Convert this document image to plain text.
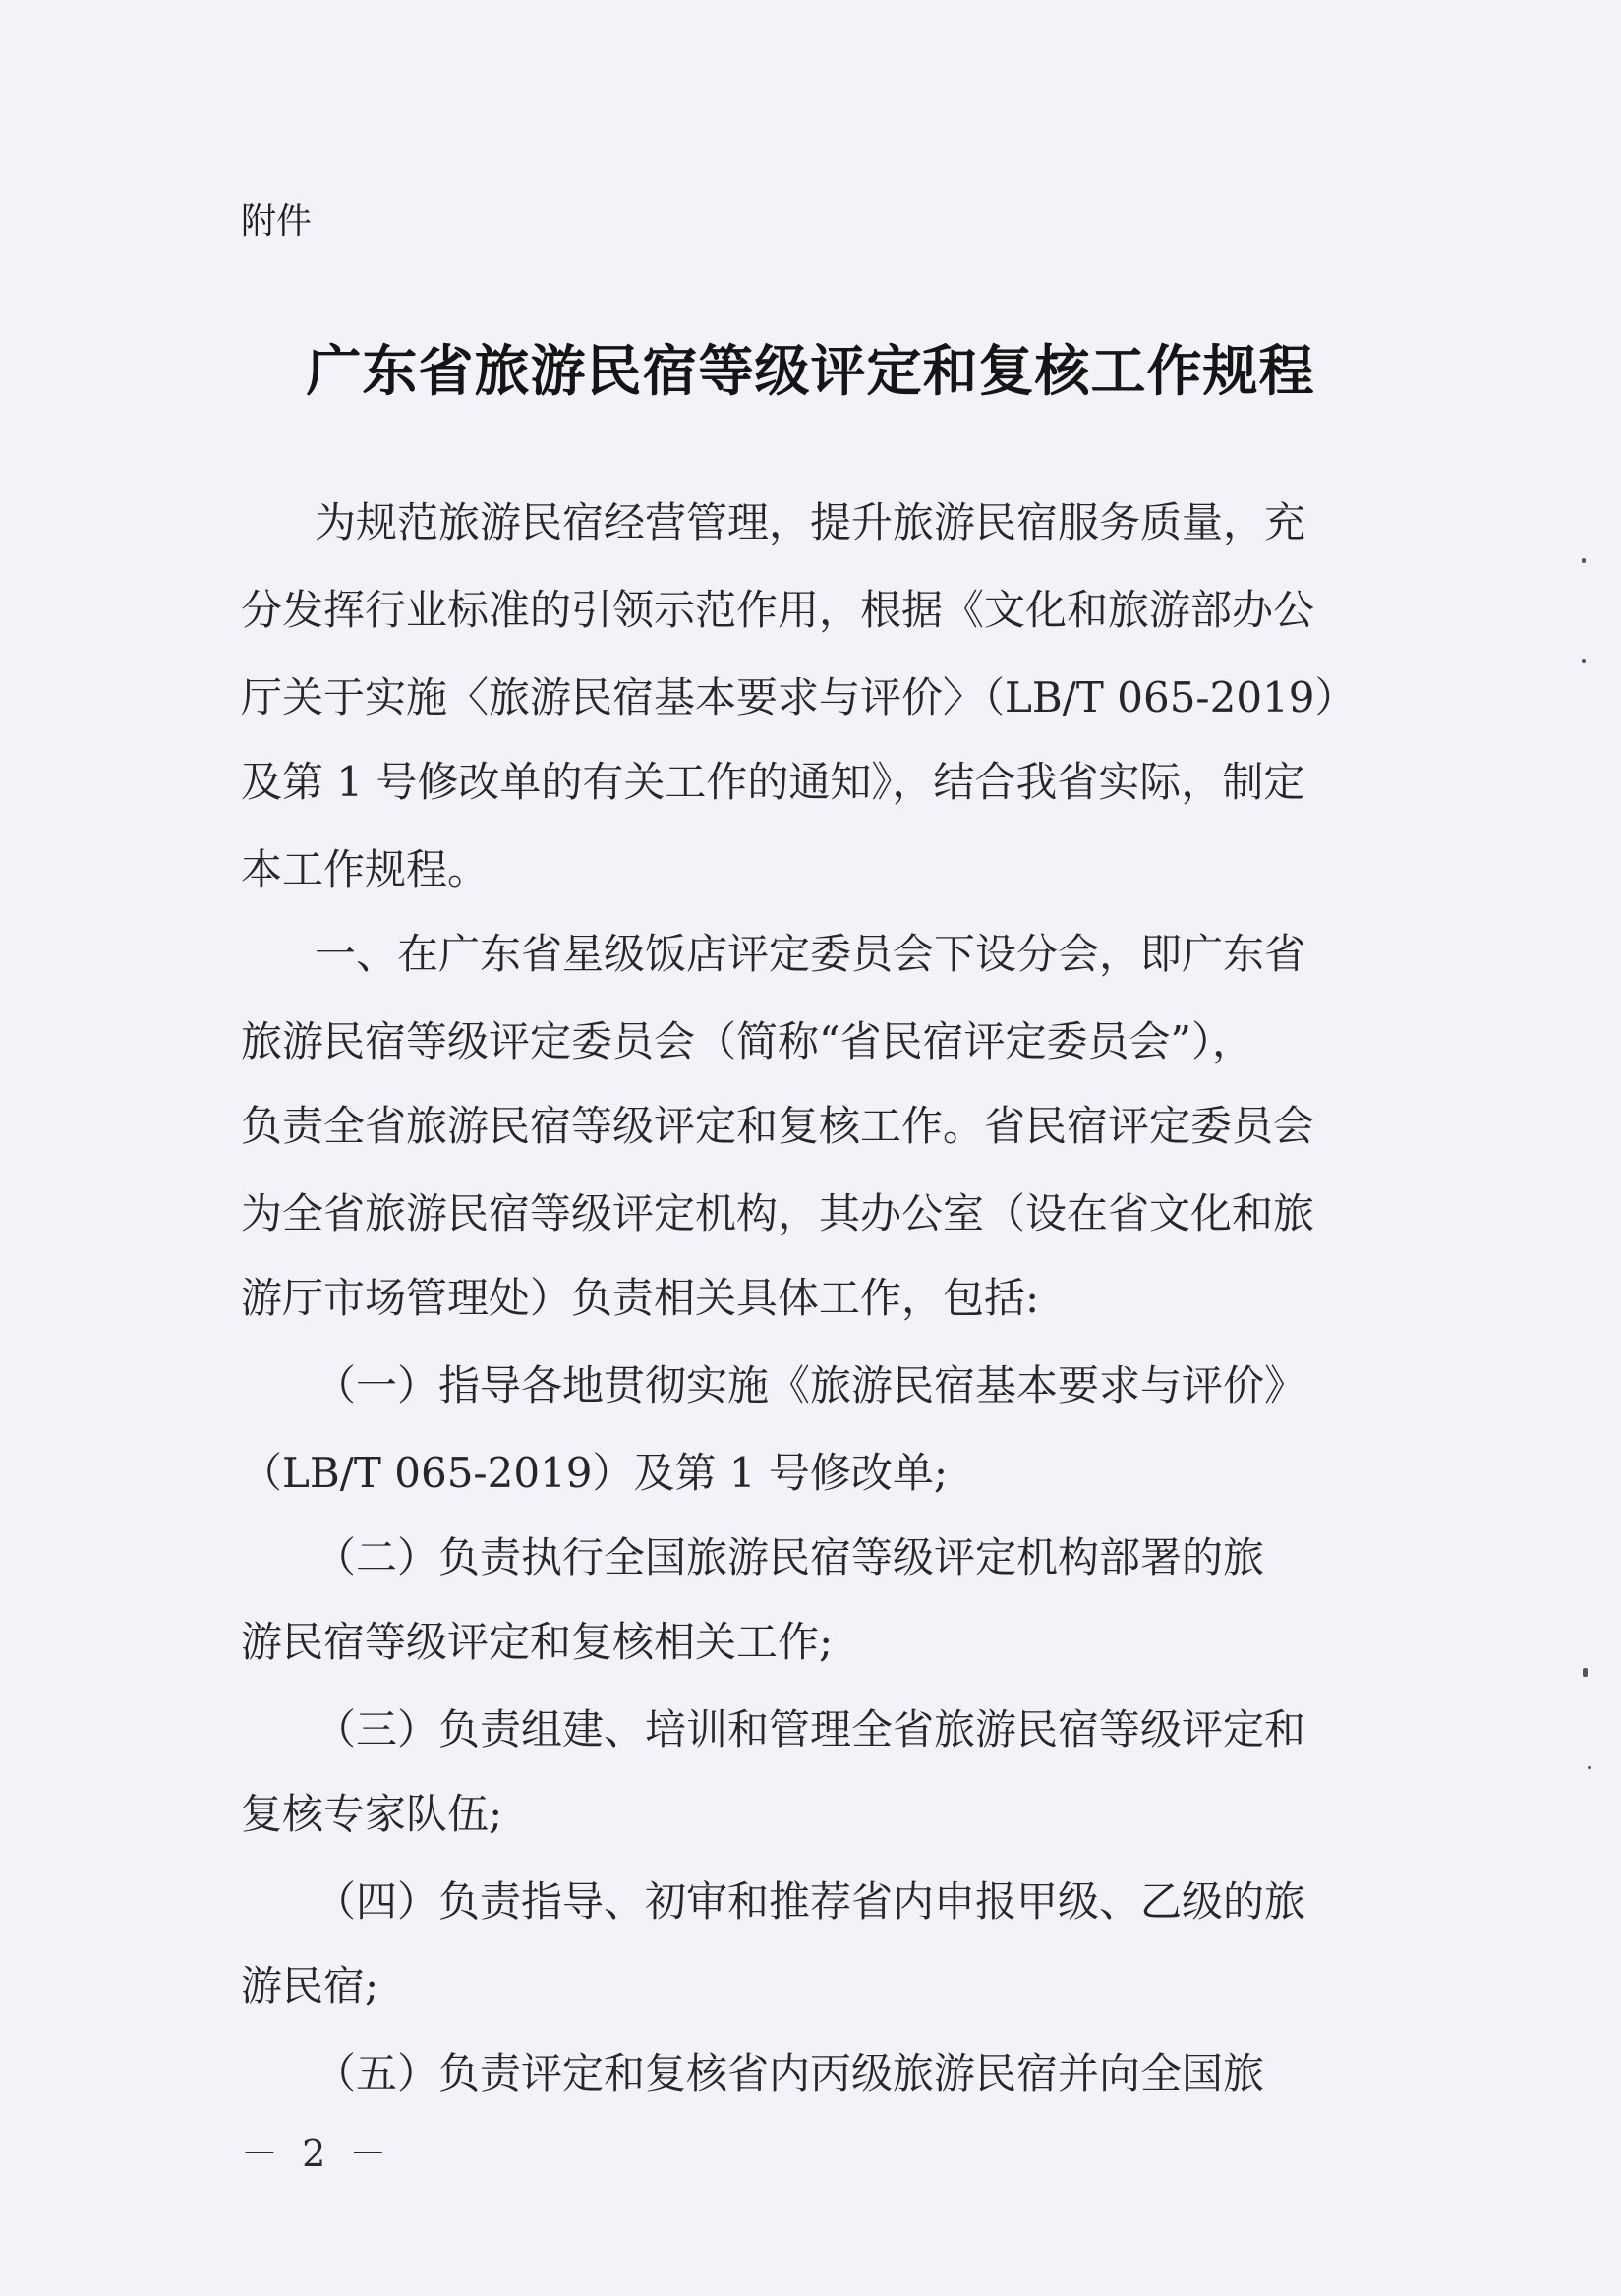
附件
广东省旅游民宿等级评定和复核工作规程
为规范旅游民宿经营管理，提升旅游民宿服务质量，充
分发挥行业标准的引领示范作用，根据《文化和旅游部办公
厅关于实施〈旅游民宿基本要求与评价〉（LB/T 065-2019）
及第 1 号修改单的有关工作的通知》，结合我省实际，制定
本工作规程。
一、在广东省星级饭店评定委员会下设分会，即广东省
旅游民宿等级评定委员会（简称“省民宿评定委员会”），
负责全省旅游民宿等级评定和复核工作。省民宿评定委员会
为全省旅游民宿等级评定机构，其办公室（设在省文化和旅
游厅市场管理处）负责相关具体工作，包括:
（一）指导各地贯彻实施《旅游民宿基本要求与评价》
（LB/T 065-2019）及第 1 号修改单;
（二）负责执行全国旅游民宿等级评定机构部署的旅
游民宿等级评定和复核相关工作;
（三）负责组建、培训和管理全省旅游民宿等级评定和
复核专家队伍;
（四）负责指导、初审和推荐省内申报甲级、乙级的旅
游民宿;
（五）负责评定和复核省内丙级旅游民宿并向全国旅
－ 2 －
